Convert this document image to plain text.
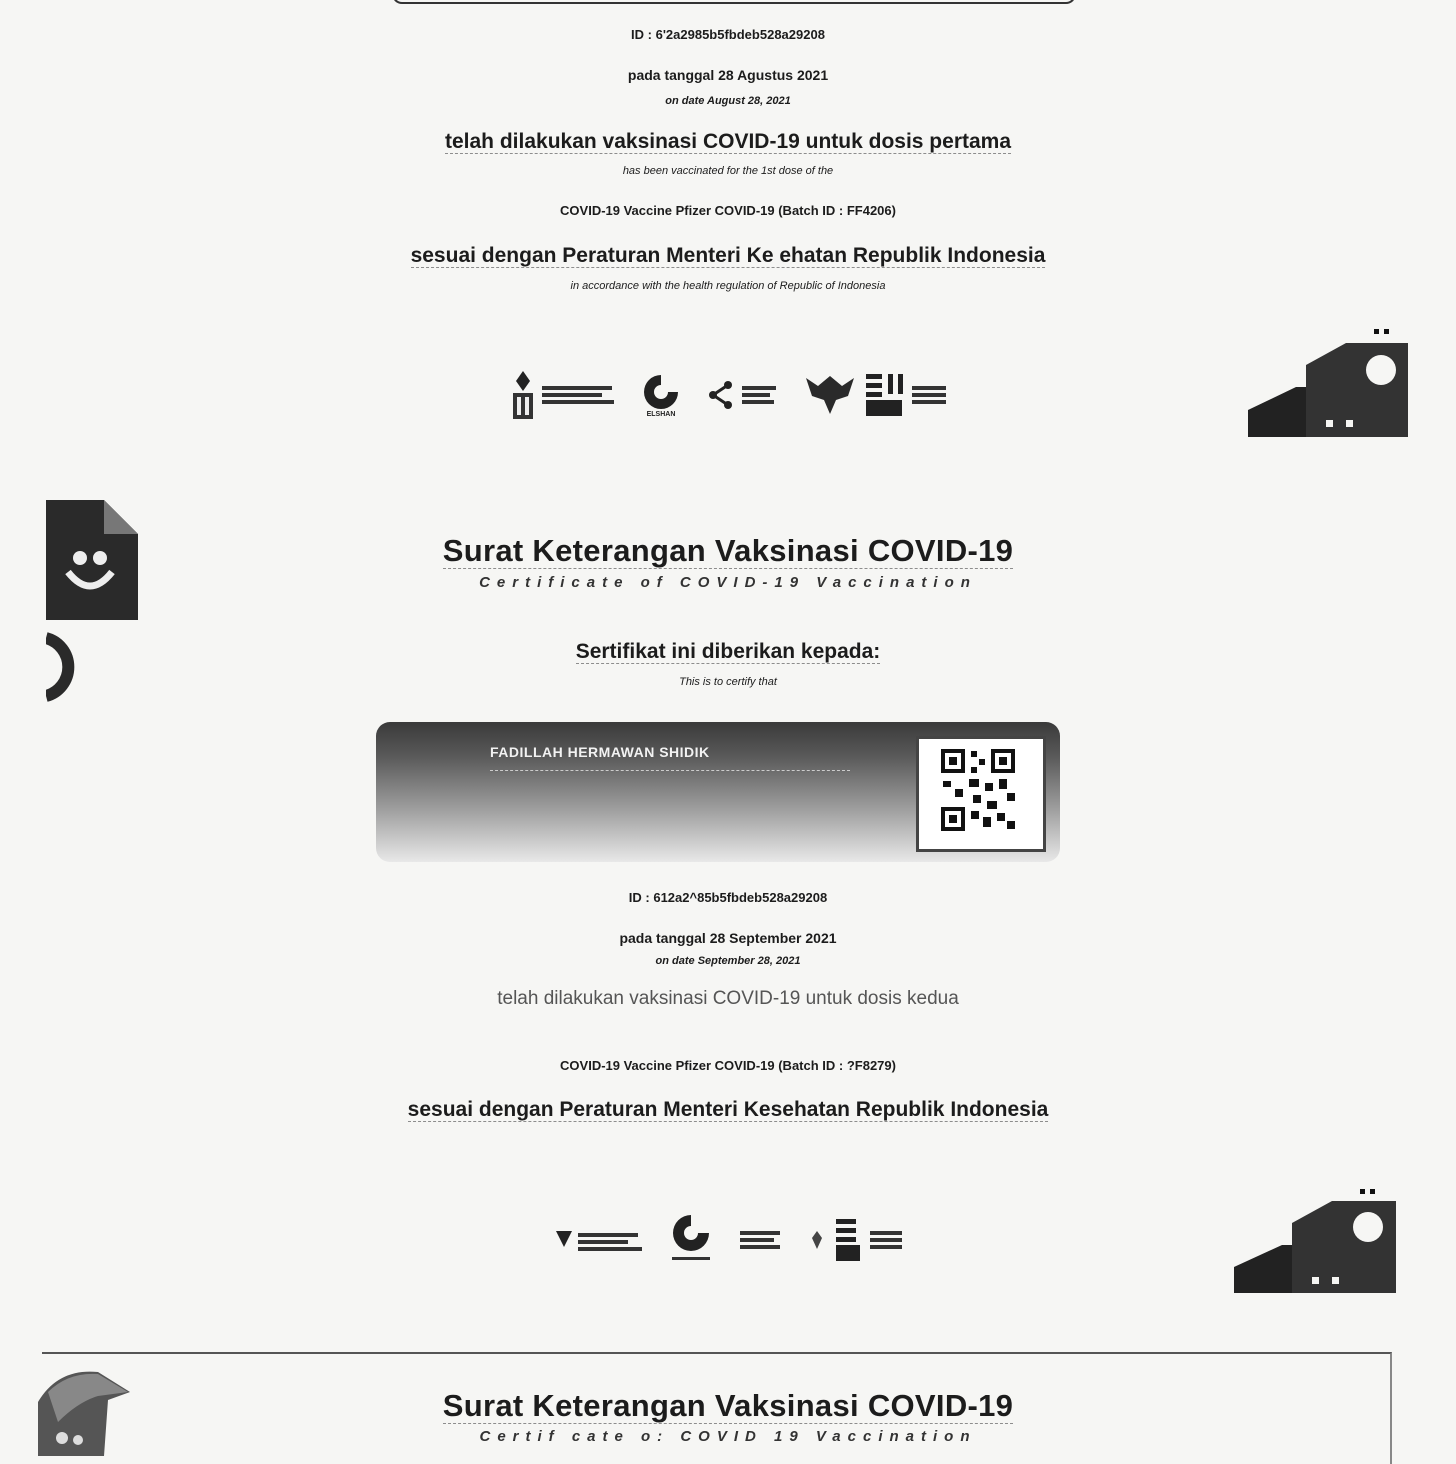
ID : 6'2a2985b5fbdeb528a29208
pada tanggal 28 Agustus 2021
on date August 28, 2021
telah dilakukan vaksinasi COVID-19 untuk dosis pertama
has been vaccinated for the 1st dose of the
COVID-19 Vaccine Pfizer COVID-19 (Batch ID : FF4206)
sesuai dengan Peraturan Menteri Ke ehatan Republik Indonesia
in accordance with the health regulation of Republic of Indonesia
ELSHAN
Surat Keterangan Vaksinasi COVID-19
Certificate of COVID-19 Vaccination
Sertifikat ini diberikan kepada:
This is to certify that
FADILLAH HERMAWAN SHIDIK
ID : 612a2^85b5fbdeb528a29208
pada tanggal 28 September 2021
on date September 28, 2021
telah dilakukan vaksinasi COVID-19 untuk dosis kedua
COVID-19 Vaccine Pfizer COVID-19 (Batch ID : ?F8279)
sesuai dengan Peraturan Menteri Kesehatan Republik Indonesia
Surat Keterangan Vaksinasi COVID-19
Certif cate o: COVID 19 Vaccination
